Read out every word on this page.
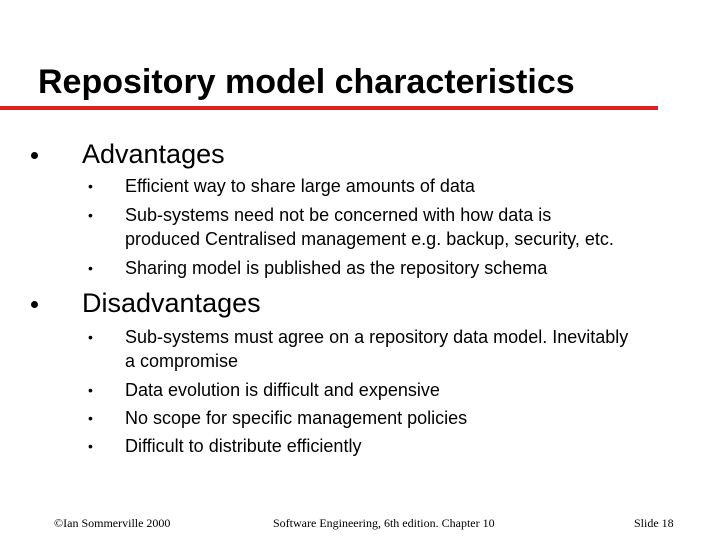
Repository model characteristics
Advantages
• Efficient way to share large amounts of data
• Sub-systems need not be concerned with how data is
produced Centralised management e.g. backup, security, etc.
• Sharing model is published as the repository schema
Disadvantages
• Sub-systems must agree on a repository data model. Inevitably
a compromise
• Data evolution is difficult and expensive
• No scope for specific management policies
• Difficult to distribute efficiently
©Ian Sommerville 2000	Software Engineering, 6th edition. Chapter 10	Slide 18
